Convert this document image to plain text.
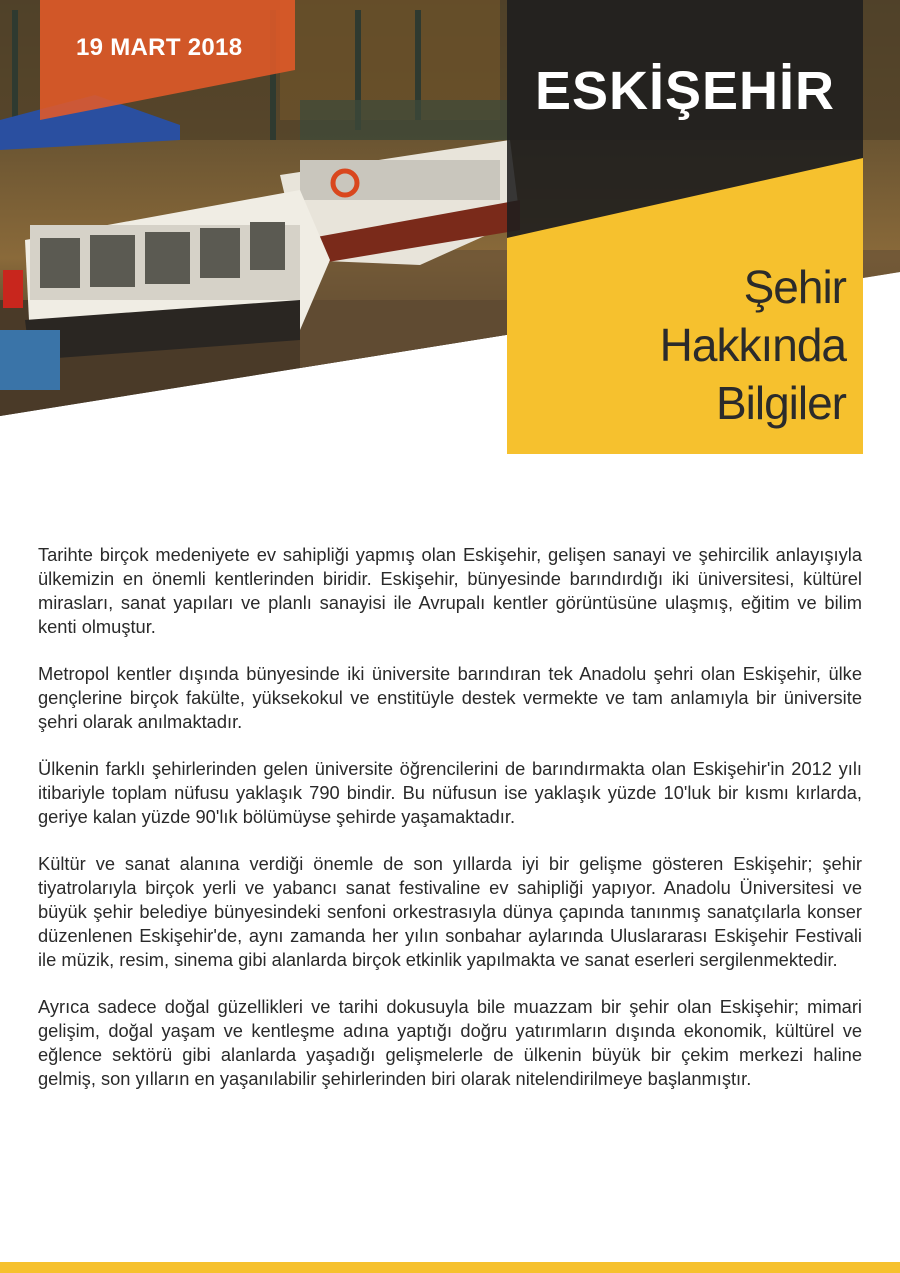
19 MART 2018
ESKİŞEHİR
Şehir
Hakkında
Bilgiler

Tarihte birçok medeniyete ev sahipliği yapmış olan Eskişehir, gelişen sanayi ve şehircilik anlayışıyla ülkemizin en önemli kentlerinden biridir. Eskişehir, bünyesinde barındırdığı iki üniversitesi, kültürel mirasları, sanat yapıları ve planlı sanayisi ile Avrupalı kentler görüntüsüne ulaşmış, eğitim ve bilim kenti olmuştur.

Metropol kentler dışında bünyesinde iki üniversite barındıran tek Anadolu şehri olan Eskişehir, ülke gençlerine birçok fakülte, yüksekokul ve enstitüyle destek vermekte ve tam anlamıyla bir üniversite şehri olarak anılmaktadır.

Ülkenin farklı şehirlerinden gelen üniversite öğrencilerini de barındırmakta olan Eskişehir'in 2012 yılı itibariyle toplam nüfusu yaklaşık 790 bindir. Bu nüfusun ise yaklaşık yüzde 10'luk bir kısmı kırlarda, geriye kalan yüzde 90'lık bölümüyse şehirde yaşamaktadır.

Kültür ve sanat alanına verdiği önemle de son yıllarda iyi bir gelişme gösteren Eskişehir; şehir tiyatrolarıyla birçok yerli ve yabancı sanat festivaline ev sahipliği yapıyor. Anadolu Üniversitesi ve büyük şehir belediye bünyesindeki senfoni orkestrasıyla dünya çapında tanınmış sanatçılarla konser düzenlenen Eskişehir'de, aynı zamanda her yılın sonbahar aylarında Uluslararası Eskişehir Festivali ile müzik, resim, sinema gibi alanlarda birçok etkinlik yapılmakta ve sanat eserleri sergilenmektedir.

Ayrıca sadece doğal güzellikleri ve tarihi dokusuyla bile muazzam bir şehir olan Eskişehir; mimari gelişim, doğal yaşam ve kentleşme adına yaptığı doğru yatırımların dışında ekonomik, kültürel ve eğlence sektörü gibi alanlarda yaşadığı gelişmelerle de ülkenin büyük bir çekim merkezi haline gelmiş, son yılların en yaşanılabilir şehirlerinden biri olarak nitelendirilmeye başlanmıştır.
